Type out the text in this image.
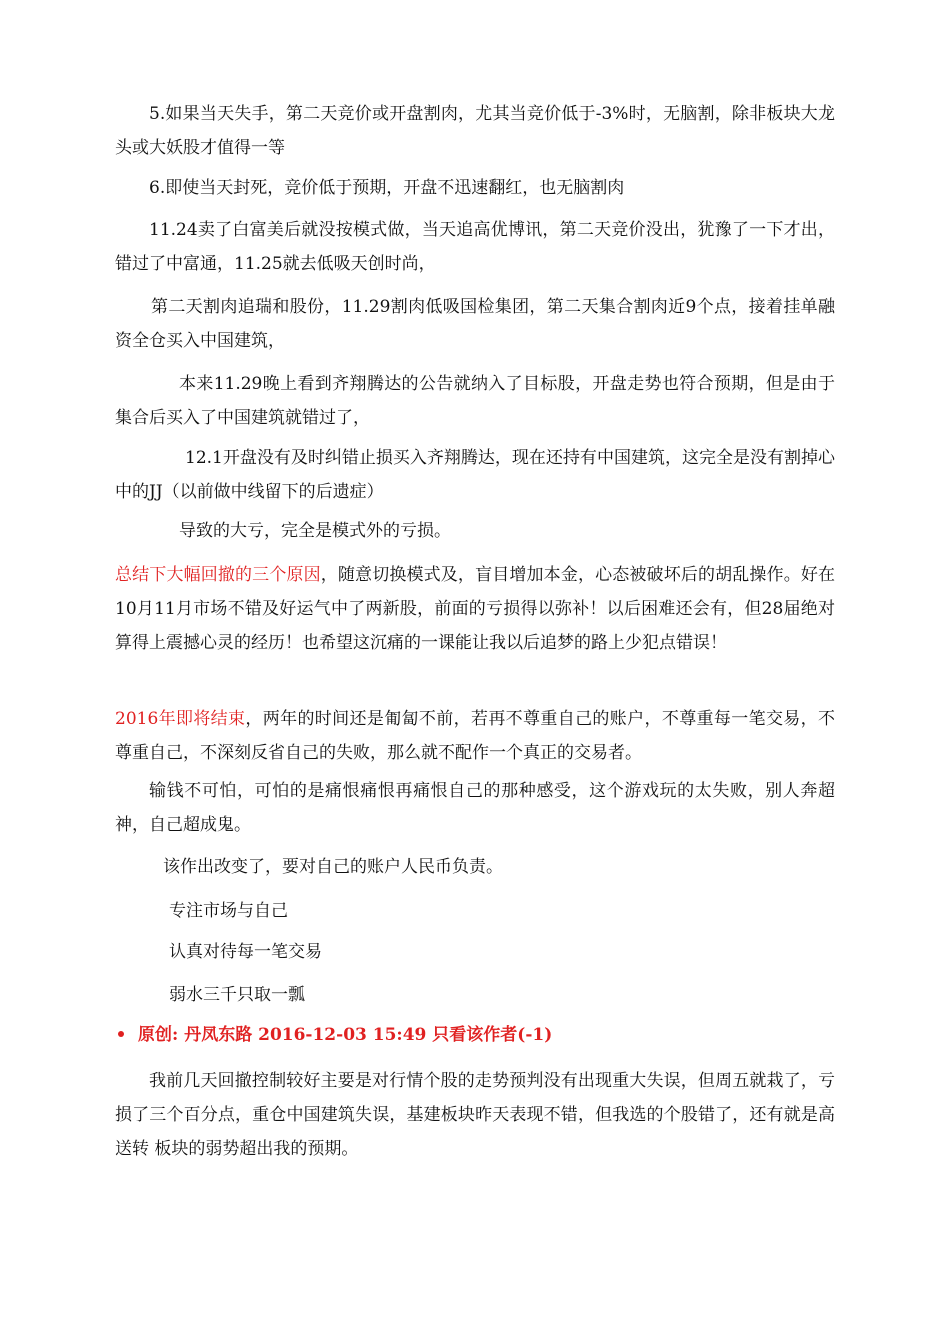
5.如果当天失手，第二天竞价或开盘割肉，尤其当竞价低于-3%时，无脑割，除非板块大龙头或大妖股才值得一等

6.即使当天封死，竞价低于预期，开盘不迅速翻红，也无脑割肉

11.24卖了白富美后就没按模式做，当天追高优博讯，第二天竞价没出，犹豫了一下才出，错过了中富通，11.25就去低吸天创时尚，

第二天割肉追瑞和股份，11.29割肉低吸国检集团，第二天集合割肉近9个点，接着挂单融资全仓买入中国建筑，

本来11.29晚上看到齐翔腾达的公告就纳入了目标股，开盘走势也符合预期，但是由于集合后买入了中国建筑就错过了，

12.1开盘没有及时纠错止损买入齐翔腾达，现在还持有中国建筑，这完全是没有割掉心中的JJ（以前做中线留下的后遗症）

导致的大亏，完全是模式外的亏损。

总结下大幅回撤的三个原因，随意切换模式及，盲目增加本金，心态被破坏后的胡乱操作。好在10月11月市场不错及好运气中了两新股，前面的亏损得以弥补！以后困难还会有，但28届绝对算得上震撼心灵的经历！也希望这沉痛的一课能让我以后追梦的路上少犯点错误！

2016年即将结束，两年的时间还是匍匐不前，若再不尊重自己的账户，不尊重每一笔交易，不尊重自己，不深刻反省自己的失败，那么就不配作一个真正的交易者。

输钱不可怕，可怕的是痛恨痛恨再痛恨自己的那种感受，这个游戏玩的太失败，别人奔超神，自己超成鬼。

该作出改变了，要对自己的账户人民币负责。

专注市场与自己

认真对待每一笔交易

弱水三千只取一瓢

原创: 丹凤东路 2016-12-03 15:49 只看该作者(-1)

我前几天回撤控制较好主要是对行情个股的走势预判没有出现重大失误，但周五就栽了，亏损了三个百分点，重仓中国建筑失误，基建板块昨天表现不错，但我选的个股错了，还有就是高送转 板块的弱势超出我的预期。
